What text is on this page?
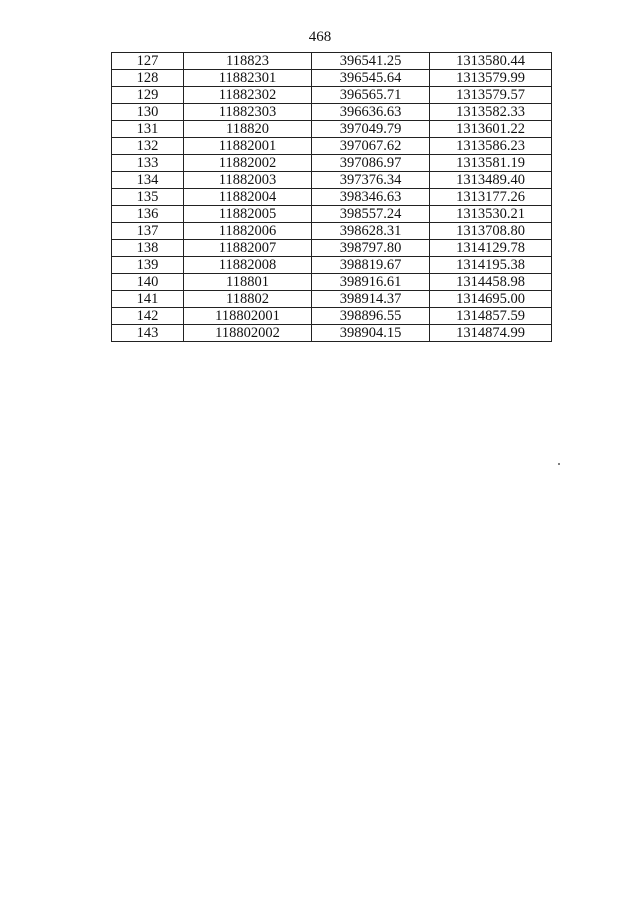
468
127	118823	396541.25	1313580.44
128	11882301	396545.64	1313579.99
129	11882302	396565.71	1313579.57
130	11882303	396636.63	1313582.33
131	118820	397049.79	1313601.22
132	11882001	397067.62	1313586.23
133	11882002	397086.97	1313581.19
134	11882003	397376.34	1313489.40
135	11882004	398346.63	1313177.26
136	11882005	398557.24	1313530.21
137	11882006	398628.31	1313708.80
138	11882007	398797.80	1314129.78
139	11882008	398819.67	1314195.38
140	118801	398916.61	1314458.98
141	118802	398914.37	1314695.00
142	118802001	398896.55	1314857.59
143	118802002	398904.15	1314874.99
